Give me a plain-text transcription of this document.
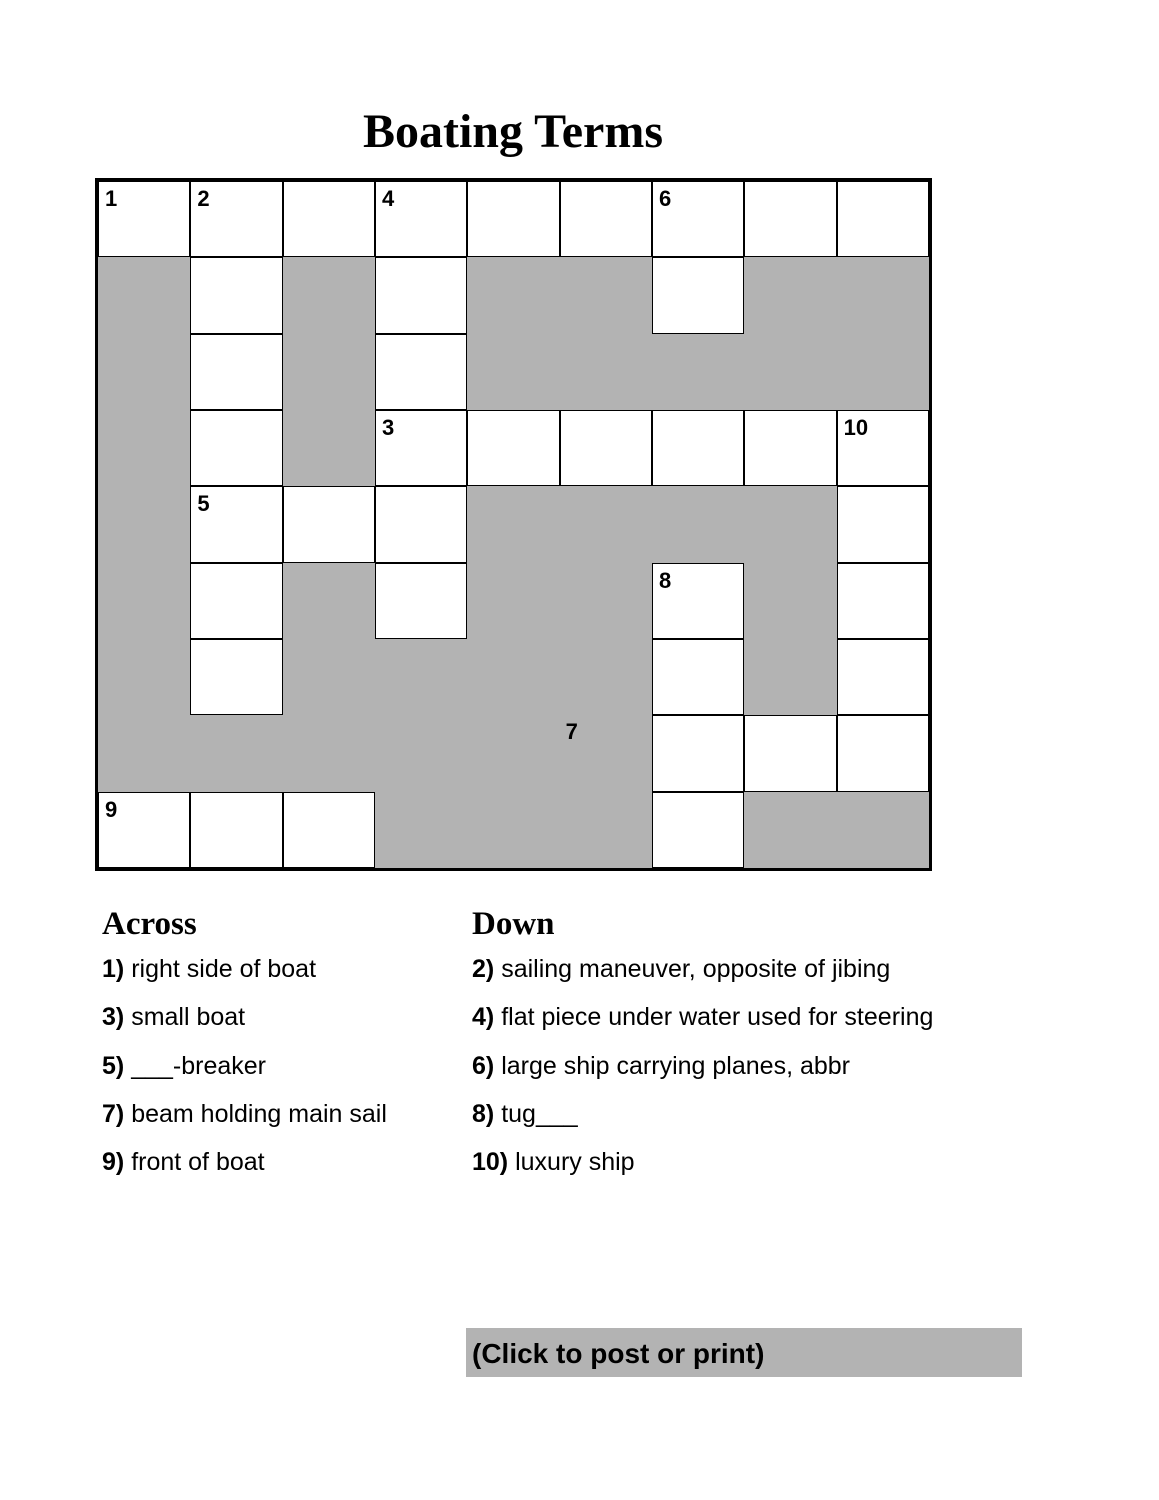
Boating Terms
1	2	4	6
3	10
5
8
7
9
Across
1) right side of boat
3) small boat
5) ___-breaker
7) beam holding main sail
9) front of boat
Down
2) sailing maneuver, opposite of jibing
4) flat piece under water used for steering
6) large ship carrying planes, abbr
8) tug___
10) luxury ship
(Click to post or print)
